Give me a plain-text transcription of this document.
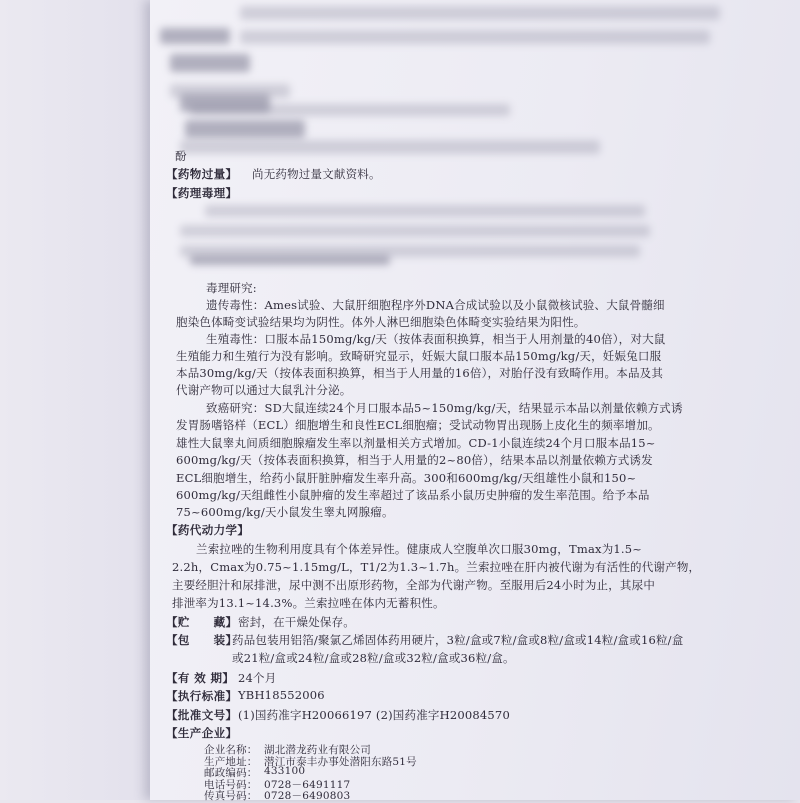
酚
【药物过量】 尚无药物过量文献资料。
【药理毒理】
毒理研究:
遗传毒性：Ames试验、大鼠肝细胞程序外DNA合成试验以及小鼠微核试验、大鼠骨髓细
胞染色体畸变试验结果均为阴性。体外人淋巴细胞染色体畸变实验结果为阳性。
生殖毒性：口服本品150mg/kg/天（按体表面积换算，相当于人用剂量的40倍），对大鼠
生殖能力和生殖行为没有影响。致畸研究显示，妊娠大鼠口服本品150mg/kg/天，妊娠兔口服
本品30mg/kg/天（按体表面积换算，相当于人用量的16倍），对胎仔没有致畸作用。本品及其
代谢产物可以通过大鼠乳汁分泌。
致癌研究：SD大鼠连续24个月口服本品5~150mg/kg/天，结果显示本品以剂量依赖方式诱
发胃肠嗜铬样（ECL）细胞增生和良性ECL细胞瘤；受试动物胃出现肠上皮化生的频率增加。
雄性大鼠睾丸间质细胞腺瘤发生率以剂量相关方式增加。CD-1小鼠连续24个月口服本品15~
600mg/kg/天（按体表面积换算，相当于人用量的2~80倍），结果本品以剂量依赖方式诱发
ECL细胞增生，给药小鼠肝脏肿瘤发生率升高。300和600mg/kg/天组雄性小鼠和150~
600mg/kg/天组雌性小鼠肿瘤的发生率超过了该品系小鼠历史肿瘤的发生率范围。给予本品
75~600mg/kg/天小鼠发生睾丸网腺瘤。
【药代动力学】
兰索拉唑的生物利用度具有个体差异性。健康成人空腹单次口服30mg，Tmax为1.5~
2.2h，Cmax为0.75~1.15mg/L，T1/2为1.3~1.7h。兰索拉唑在肝内被代谢为有活性的代谢产物，
主要经胆汁和尿排泄，尿中测不出原形药物，全部为代谢产物。至服用后24小时为止，其尿中
排泄率为13.1~14.3%。兰索拉唑在体内无蓄积性。
【贮　　藏】 密封，在干燥处保存。
【包　　装】
药品包装用铝箔/聚氯乙烯固体药用硬片，3粒/盒或7粒/盒或8粒/盒或14粒/盒或16粒/盒
或21粒/盒或24粒/盒或28粒/盒或32粒/盒或36粒/盒。
【有 效 期】 24个月
【执行标准】 YBH18552006
【批准文号】 (1)国药准字H20066197 (2)国药准字H20084570
【生产企业】
企业名称： 湖北潜龙药业有限公司
生产地址： 潜江市泰丰办事处潜阳东路51号
邮政编码： 433100
电话号码： 0728－6491117
传真号码： 0728－6490803
